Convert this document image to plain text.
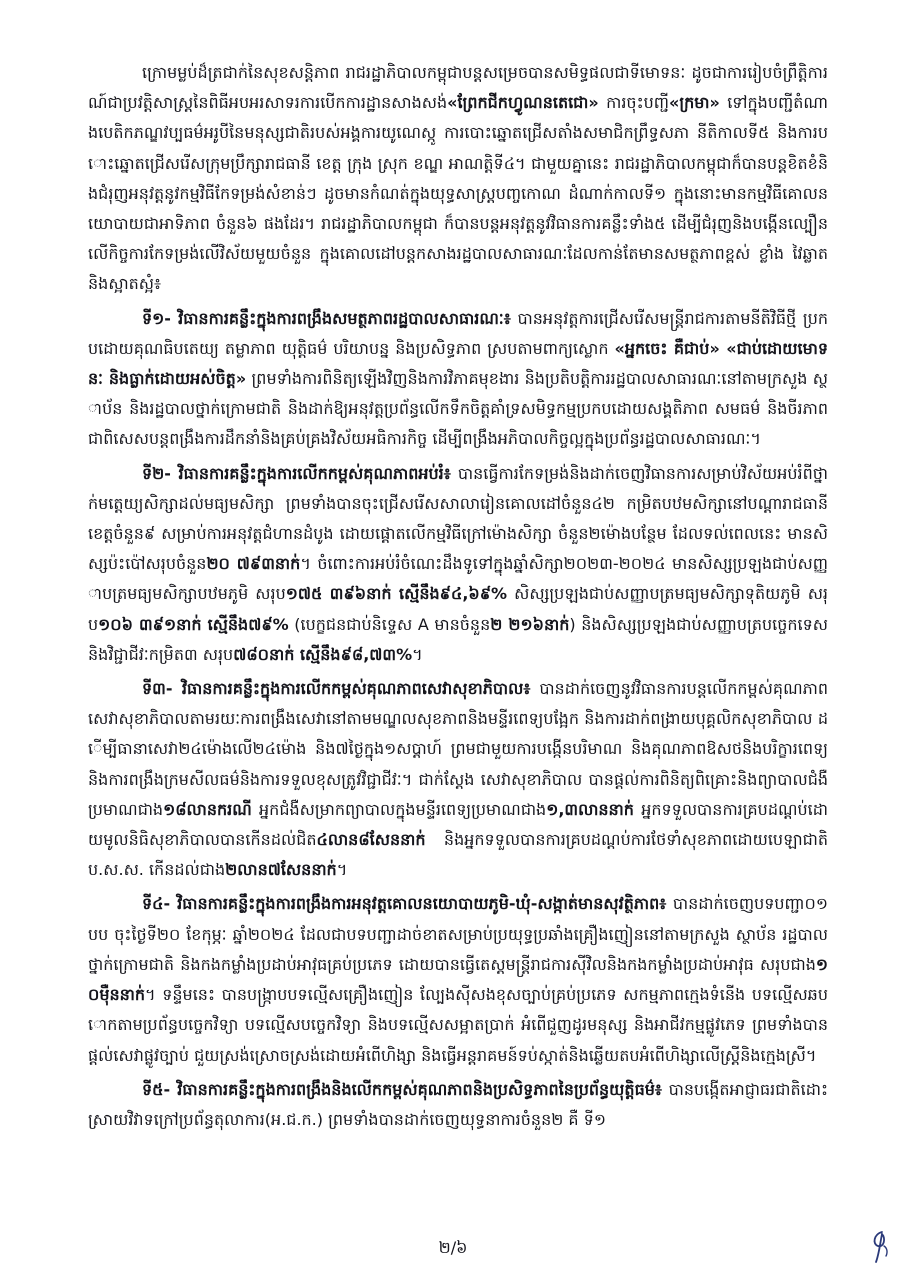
ក្រោមម្លប់ដ៏ត្រជាក់នៃសុខសន្តិភាព រាជរដ្ឋាភិបាលកម្ពុជាបន្តសម្រេចបានសមិទ្ធផលជាទីមោទនៈ ដូចជាការរៀបចំព្រឹត្តិការណ៍ជាប្រវត្តិសាស្ត្រនៃពិធីអបអរសាទរការបើកការដ្ឋានសាងសង់«ព្រែកជីកហ្វូណនតេជោ» ការចុះបញ្ជី«ក្រមា» ទៅក្នុងបញ្ជីតំណាងបេតិកភណ្ឌវប្បធម៌អរូបីនៃមនុស្សជាតិរបស់អង្គការយូណេស្កូ ការបោះឆ្នោតជ្រើសតាំងសមាជិកព្រឹទ្ធសភា នីតិកាលទី៥ និងការបោះឆ្នោតជ្រើសរើសក្រុមប្រឹក្សារាជធានី ខេត្ត ក្រុង ស្រុក ខណ្ឌ អាណត្តិទី៤។ ជាមួយគ្នានេះ រាជរដ្ឋាភិបាលកម្ពុជាក៏បានបន្តខិតខំនិងជំរុញអនុវត្តនូវកម្មវិធីកែទម្រង់សំខាន់ៗ ដូចមានកំណត់ក្នុងយុទ្ធសាស្ត្របញ្ចកោណ ដំណាក់កាលទី១ ក្នុងនោះមានកម្មវិធីគោលនយោបាយជាអាទិភាព ចំនួន៦ ផងដែរ។ រាជរដ្ឋាភិបាលកម្ពុជា ក៏បានបន្តអនុវត្តនូវវិធានការគន្លឹះទាំង៥ ដើម្បីជំរុញនិងបង្កើនល្បឿនលើកិច្ចការកែទម្រង់លើវិស័យមួយចំនួន ក្នុងគោលដៅបន្តកសាងរដ្ឋបាលសាធារណៈដែលកាន់តែមានសមត្ថភាពខ្ពស់ ខ្លាំង វៃឆ្លាត និងស្អាតស្អំ៖

ទី១- វិធានការគន្លឹះក្នុងការពង្រឹងសមត្ថភាពរដ្ឋបាលសាធារណៈ៖ បានអនុវត្តការជ្រើសរើសមន្ត្រីរាជការតាមនីតិវិធីថ្មី ប្រកបដោយគុណធិបតេយ្យ តម្លាភាព យុត្តិធម៌ បរិយាបន្ន និងប្រសិទ្ធភាព ស្របតាមពាក្យស្លោក «អ្នកចេះ គឺជាប់» «ជាប់ដោយមោទនៈ និងធ្លាក់ដោយអស់ចិត្ត» ព្រមទាំងការពិនិត្យឡើងវិញនិងការវិភាគមុខងារ និងប្រតិបត្តិការរដ្ឋបាលសាធារណៈនៅតាមក្រសួង ស្ថាប័ន និងរដ្ឋបាលថ្នាក់ក្រោមជាតិ និងដាក់ឱ្យអនុវត្តប្រព័ន្ធលើកទឹកចិត្តគាំទ្រសមិទ្ធកម្មប្រកបដោយសង្គតិភាព សមធម៌ និងចីរភាព ជាពិសេសបន្តពង្រឹងការដឹកនាំនិងគ្រប់គ្រងវិស័យអធិការកិច្ច ដើម្បីពង្រឹងអភិបាលកិច្ចល្អក្នុងប្រព័ន្ធរដ្ឋបាលសាធារណៈ។

ទី២- វិធានការគន្លឹះក្នុងការលើកកម្ពស់គុណភាពអប់រំ៖ បានធ្វើការកែទម្រង់និងដាក់ចេញវិធានការសម្រាប់វិស័យអប់រំពីថ្នាក់មត្តេយ្យសិក្សាដល់មធ្យមសិក្សា ព្រមទាំងបានចុះជ្រើសរើសសាលារៀនគោលដៅចំនួន៤២ កម្រិតបឋមសិក្សានៅបណ្តារាជធានី ខេត្តចំនួន៩ សម្រាប់ការអនុវត្តជំហានដំបូង ដោយផ្តោតលើកម្មវិធីក្រៅម៉ោងសិក្សា ចំនួន២ម៉ោងបន្ថែម ដែលទល់ពេលនេះ មានសិស្សប៉ះប៉ៅសរុបចំនួន២០ ៧៩៣នាក់។ ចំពោះការអប់រំចំណេះដឹងទូទៅក្នុងឆ្នាំសិក្សា២០២៣-២០២៤ មានសិស្សប្រឡងជាប់សញ្ញាបត្រមធ្យមសិក្សាបឋមភូមិ សរុប១៧៥ ៣៩៦នាក់ ស្មើនឹង៩៤,៦៩% សិស្សប្រឡងជាប់សញ្ញាបត្រមធ្យមសិក្សាទុតិយភូមិ សរុប១០៦ ៣៩១នាក់ ស្មើនឹង៧៩% (បេក្ខជនជាប់និទ្ទេស A មានចំនួន២ ២១៦នាក់) និងសិស្សប្រឡងជាប់សញ្ញាបត្របច្ចេកទេសនិងវិជ្ជាជីវៈកម្រិត៣ សរុប៧៨០នាក់ ស្មើនឹង៩៨,៧៣%។

ទី៣- វិធានការគន្លឹះក្នុងការលើកកម្ពស់គុណភាពសេវាសុខាភិបាល៖ បានដាក់ចេញនូវវិធានការបន្តលើកកម្ពស់គុណភាពសេវាសុខាភិបាលតាមរយៈការពង្រឹងសេវានៅតាមមណ្ឌលសុខភាពនិងមន្ទីរពេទ្យបង្អែក និងការដាក់ពង្រាយបុគ្គលិកសុខាភិបាល ដើម្បីធានាសេវា២៤ម៉ោងលើ២៤ម៉ោង និង៧ថ្ងៃក្នុង១សប្តាហ៍ ព្រមជាមួយការបង្កើនបរិមាណ និងគុណភាពឱសថនិងបរិក្ខារពេទ្យ និងការពង្រឹងក្រមសីលធម៌និងការទទួលខុសត្រូវវិជ្ជាជីវៈ។ ជាក់ស្តែង សេវាសុខាភិបាល បានផ្តល់ការពិនិត្យពិគ្រោះនិងព្យាបាលជំងឺប្រមាណជាង១៨លានករណី អ្នកជំងឺសម្រាកព្យាបាលក្នុងមន្ទីរពេទ្យប្រមាណជាង១,៣លាននាក់ អ្នកទទួលបានការគ្របដណ្តប់ដោយមូលនិធិសុខាភិបាលបានកើនដល់ជិត៤លាន៨សែននាក់ និងអ្នកទទួលបានការគ្របដណ្តប់ការថែទាំសុខភាពដោយបេឡាជាតិ ប.ស.ស. កើនដល់ជាង២លាន៧សែននាក់។

ទី៤- វិធានការគន្លឹះក្នុងការពង្រឹងការអនុវត្តគោលនយោបាយភូមិ-ឃុំ-សង្កាត់មានសុវត្ថិភាព៖ បានដាក់ចេញបទបញ្ជា០១ បប ចុះថ្ងៃទី២០ ខែកុម្ភៈ ឆ្នាំ២០២៤ ដែលជាបទបញ្ជាដាច់ខាតសម្រាប់ប្រយុទ្ធប្រឆាំងគ្រឿងញៀននៅតាមក្រសួង ស្ថាប័ន រដ្ឋបាលថ្នាក់ក្រោមជាតិ និងកងកម្លាំងប្រដាប់អាវុធគ្រប់ប្រភេទ ដោយបានធ្វើតេស្តមន្ត្រីរាជការស៊ីវិលនិងកងកម្លាំងប្រដាប់អាវុធ សរុបជាង១០ម៉ឺននាក់។ ទន្ទឹមនេះ បានបង្ក្រាបបទល្មើសគ្រឿងញៀន ល្បែងស៊ីសងខុសច្បាប់គ្រប់ប្រភេទ សកម្មភាពក្មេងទំនើង បទល្មើសឆបោកតាមប្រព័ន្ធបច្ចេកវិទ្យា បទល្មើសបច្ចេកវិទ្យា និងបទល្មើសសម្អាតប្រាក់ អំពើជួញដូរមនុស្ស និងអាជីវកម្មផ្លូវភេទ ព្រមទាំងបានផ្តល់សេវាផ្លូវច្បាប់ ជួយស្រង់ស្រោចស្រង់ដោយអំពើហិង្សា និងធ្វើអន្តរាគមន៍ទប់ស្កាត់និងឆ្លើយតបអំពើហិង្សាលើស្ត្រីនិងក្មេងស្រី។

ទី៥- វិធានការគន្លឹះក្នុងការពង្រឹងនិងលើកកម្ពស់គុណភាពនិងប្រសិទ្ធភាពនៃប្រព័ន្ធយុត្តិធម៌៖ បានបង្កើតអាជ្ញាធរជាតិដោះស្រាយវិវាទក្រៅប្រព័ន្ធតុលាការ(អ.ជ.ក.) ព្រមទាំងបានដាក់ចេញយុទ្ធនាការចំនួន២ គឺ ទី១

២/៦
